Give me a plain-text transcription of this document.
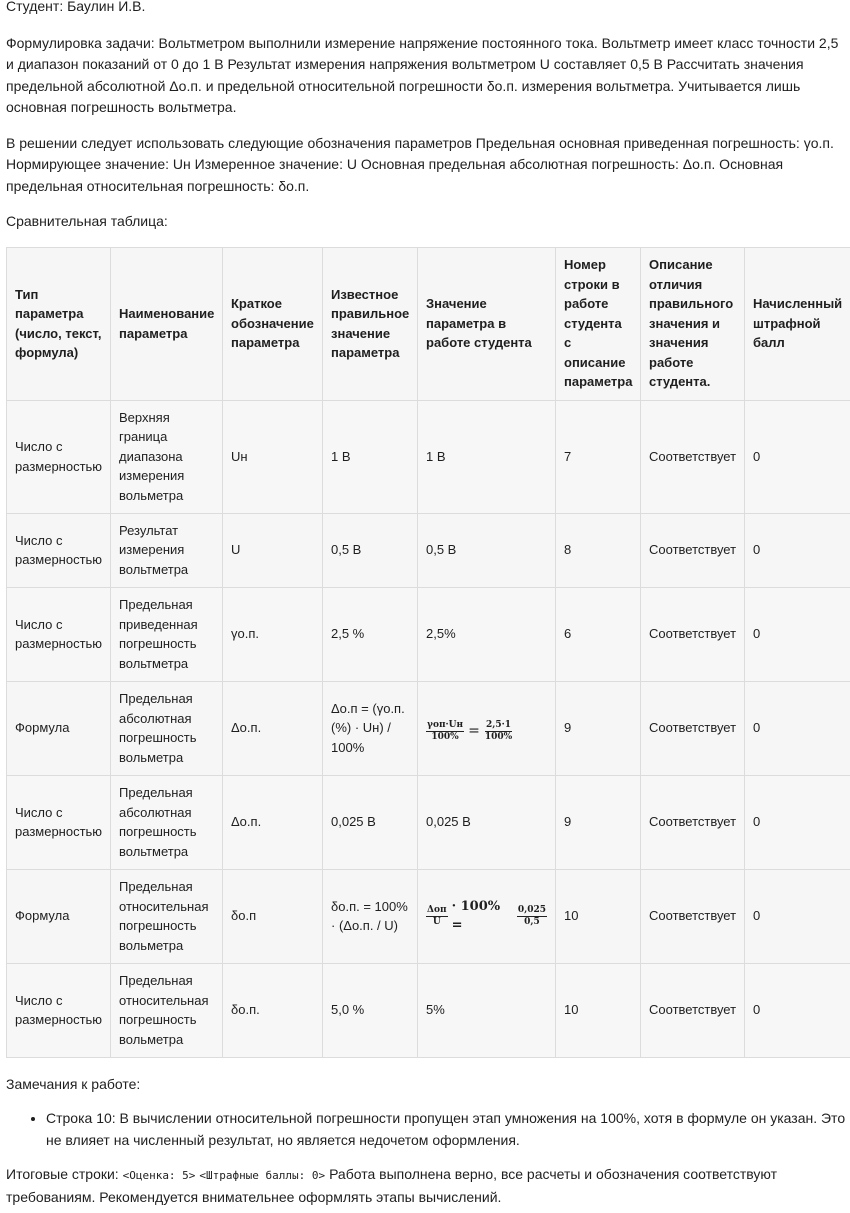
Студент: Баулин И.В.

Формулировка задачи: Вольтметром выполнили измерение напряжение постоянного тока. Вольтметр имеет класс точности 2,5 и диапазон показаний от 0 до 1 В Результат измерения напряжения вольтметром U составляет 0,5 В Рассчитать значения предельной абсолютной Δо.п. и предельной относительной погрешности δо.п. измерения вольтметра. Учитывается лишь основная погрешность вольтметра.

В решении следует использовать следующие обозначения параметров Предельная основная приведенная погрешность: γо.п. Нормирующее значение: Uн Измеренное значение: U Основная предельная абсолютная погрешность: Δо.п. Основная предельная относительная погрешность: δо.п.

Сравнительная таблица:

Тип параметра (число, текст, формула)	Наименование параметра	Краткое обозначение параметра	Известное правильное значение параметра	Значение параметра в работе студента	Номер строки в работе студента с описание параметра	Описание отличия правильного значения и значения работе студента.	Начисленный штрафной балл
Число с размерностью	Верхняя граница диапазона измерения вольметра	Uн	1 В	1 В	7	Соответствует	0
Число с размерностью	Результат измерения вольтметра	U	0,5 В	0,5 В	8	Соответствует	0
Число с размерностью	Предельная приведенная погрешность вольтметра	γо.п.	2,5 %	2,5%	6	Соответствует	0
Формула	Предельная абсолютная погрешность вольметра	Δо.п.	Δо.п = (γо.п.(%) · Uн) / 100%	$\frac{\text{γоп·Uн}}{100\%} = \frac{2,5\cdot 1}{100\%}$	9	Соответствует	0
Число с размерностью	Предельная абсолютная погрешность вольтметра	Δо.п.	0,025 В	0,025 В	9	Соответствует	0
Формула	Предельная относительная погрешность вольметра	δо.п	δо.п. = 100% · (Δо.п. / U)	$\frac{\text{Δоп}}{U} \cdot 100\% = \frac{0,025}{0,5}$	10	Соответствует	0
Число с размерностью	Предельная относительная погрешность вольметра	δо.п.	5,0 %	5%	10	Соответствует	0

Замечания к работе:

• Строка 10: В вычислении относительной погрешности пропущен этап умножения на 100%, хотя в формуле он указан. Это не влияет на численный результат, но является недочетом оформления.

Итоговые строки: <Оценка: 5> <Штрафные баллы: 0> Работа выполнена верно, все расчеты и обозначения соответствуют требованиям. Рекомендуется внимательнее оформлять этапы вычислений.
